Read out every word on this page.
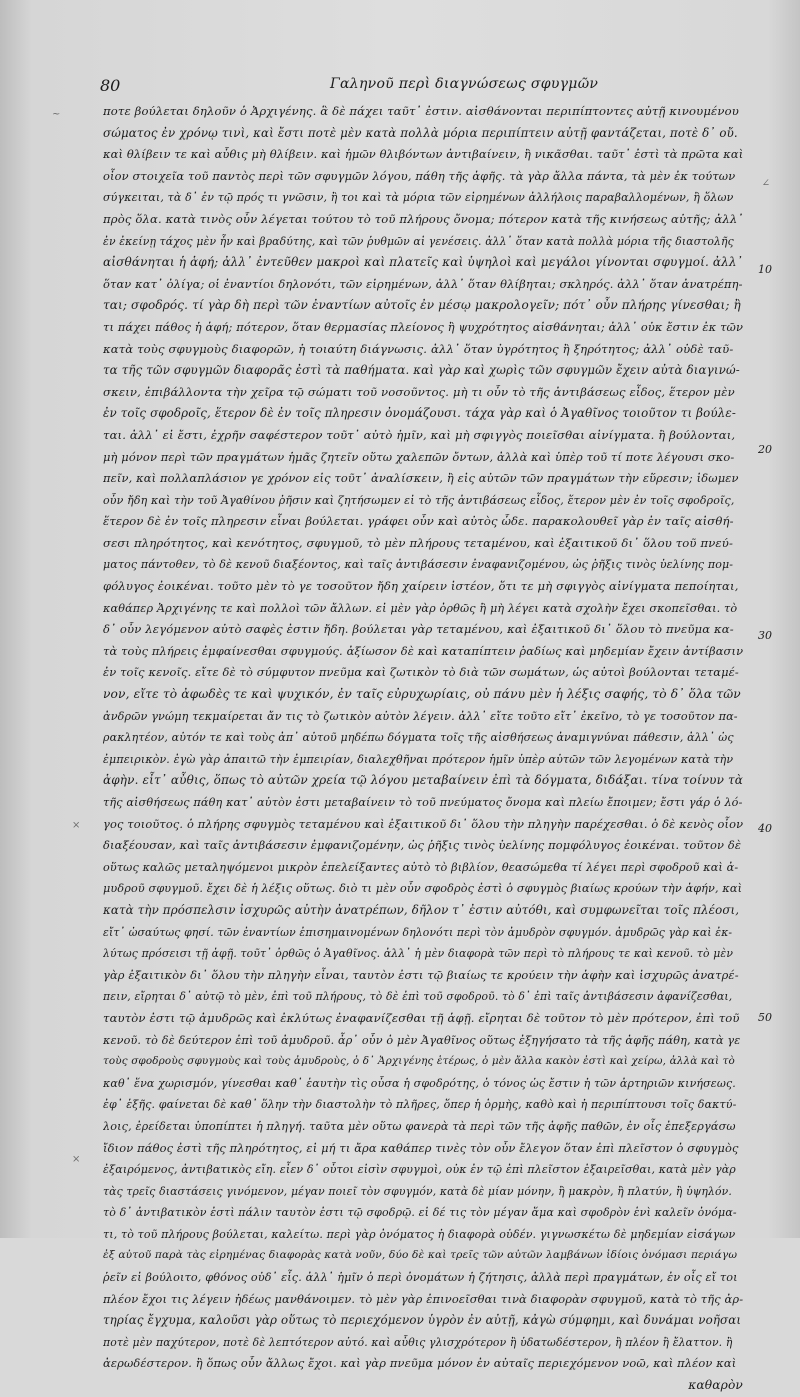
80	Γαληνοῦ περὶ διαγνώσεως σφυγμῶν
ποτε βούλεται δηλοῦν ὁ Ἀρχιγένης. ἃ δὲ πάχει ταῦτ᾽ ἐστιν. αἰσθάνονται περιπίπτοντες αὐτῇ κινουμένου
σώματος ἐν χρόνῳ τινὶ, καὶ ἔστι ποτὲ μὲν κατὰ πολλὰ μόρια περιπίπτειν αὐτῇ φαντάζεται, ποτὲ δ᾽ οὔ.
καὶ θλίβειν τε καὶ αὖθις μὴ θλίβειν. καὶ ἡμῶν θλιβόντων ἀντιβαίνειν, ἢ νικᾶσθαι. ταῦτ᾽ ἐστὶ τὰ πρῶτα καὶ
οἷον στοιχεῖα τοῦ παντὸς περὶ τῶν σφυγμῶν λόγου, πάθη τῆς ἁφῆς. τὰ γὰρ ἄλλα πάντα, τὰ μὲν ἐκ τούτων
σύγκειται, τὰ δ᾽ ἐν τῷ πρός τι γνῶσιν, ἢ τοι καὶ τὰ μόρια τῶν εἰρημένων ἀλλήλοις παραβαλλομένων, ἢ ὅλων
πρὸς ὅλα. κατὰ τινὸς οὖν λέγεται τούτου τὸ τοῦ πλήρους ὄνομα; πότερον κατὰ τῆς κινήσεως αὐτῆς; ἀλλ᾽
ἐν ἐκείνῃ τάχος μὲν ἦν καὶ βραδύτης, καὶ τῶν ῥυθμῶν αἱ γενέσεις. ἀλλ᾽ ὅταν κατὰ πολλὰ μόρια τῆς διαστολῆς
αἰσθάνηται ἡ ἁφή; ἀλλ᾽ ἐντεῦθεν μακροὶ καὶ πλατεῖς καὶ ὑψηλοὶ καὶ μεγάλοι γίνονται σφυγμοί. ἀλλ᾽
ὅταν κατ᾽ ὀλίγα; οἱ ἐναντίοι δηλονότι, τῶν εἰρημένων, ἀλλ᾽ ὅταν θλίβηται; σκληρός. ἀλλ᾽ ὅταν ἀνατρέπη-
ται; σφοδρός. τί γὰρ δὴ περὶ τῶν ἐναντίων αὐτοῖς ἐν μέσῳ μακρολογεῖν; πότ᾽ οὖν πλήρης γίνεσθαι; ἢ
τι πάχει πάθος ἡ ἁφή; πότερον, ὅταν θερμασίας πλείονος ἢ ψυχρότητος αἰσθάνηται; ἀλλ᾽ οὐκ ἔστιν ἐκ τῶν
κατὰ τοὺς σφυγμοὺς διαφορῶν, ἡ τοιαύτη διάγνωσις. ἀλλ᾽ ὅταν ὑγρότητος ἢ ξηρότητος; ἀλλ᾽ οὐδὲ ταῦ-
τα τῆς τῶν σφυγμῶν διαφορᾶς ἐστὶ τὰ παθήματα. καὶ γὰρ καὶ χωρὶς τῶν σφυγμῶν ἔχειν αὐτὰ διαγινώ-
σκειν, ἐπιβάλλοντα τὴν χεῖρα τῷ σώματι τοῦ νοσοῦντος. μὴ τι οὖν τὸ τῆς ἀντιβάσεως εἶδος, ἕτερον μὲν
ἐν τοῖς σφοδροῖς, ἕτερον δὲ ἐν τοῖς πληρεσιν ὀνομάζουσι. τάχα γὰρ καὶ ὁ Ἀγαθῖνος τοιοῦτον τι βούλε-
ται. ἀλλ᾽ εἰ ἔστι, ἐχρῆν σαφέστερον τοῦτ᾽ αὐτὸ ἡμῖν, καὶ μὴ σφιγγὸς ποιεῖσθαι αἰνίγματα. ἢ βούλονται,
μὴ μόνον περὶ τῶν πραγμάτων ἡμᾶς ζητεῖν οὕτω χαλεπῶν ὄντων, ἀλλὰ καὶ ὑπὲρ τοῦ τί ποτε λέγουσι σκο-
πεῖν, καὶ πολλαπλάσιον γε χρόνον εἰς τοῦτ᾽ ἀναλίσκειν, ἢ εἰς αὐτῶν τῶν πραγμάτων τὴν εὕρεσιν; ἰδωμεν
οὖν ἤδη καὶ τὴν τοῦ Ἀγαθίνου ῥῆσιν καὶ ζητήσωμεν εἰ τὸ τῆς ἀντιβάσεως εἶδος, ἕτερον μὲν ἐν τοῖς σφοδροῖς,
ἕτερον δὲ ἐν τοῖς πληρεσιν εἶναι βούλεται. γράφει οὖν καὶ αὐτὸς ὧδε. παρακολουθεῖ γὰρ ἐν ταῖς αἰσθή-
σεσι πληρότητος, καὶ κενότητος, σφυγμοῦ, τὸ μὲν πλήρους τεταμένου, καὶ ἐξαιτικοῦ δι᾽ ὅλου τοῦ πνεύ-
ματος πάντοθεν, τὸ δὲ κενοῦ διαξέοντος, καὶ ταῖς ἀντιβάσεσιν ἐναφανιζομένου, ὡς ῥῆξις τινὸς ὑελίνης πομ-
φόλυγος ἐοικέναι. τοῦτο μὲν τὸ γε τοσοῦτον ἤδη χαίρειν ἰστέον, ὅτι τε μὴ σφιγγὸς αἰνίγματα πεποίηται,
καθάπερ Ἀρχιγένης τε καὶ πολλοὶ τῶν ἄλλων. εἰ μὲν γὰρ ὀρθῶς ἢ μὴ λέγει κατὰ σχολὴν ἔχει σκοπεῖσθαι. τὸ
δ᾽ οὖν λεγόμενον αὐτὸ σαφὲς ἐστιν ἤδη. βούλεται γὰρ τεταμένου, καὶ ἐξαιτικοῦ δι᾽ ὅλου τὸ πνεῦμα κα-
τὰ τοὺς πλήρεις ἐμφαίνεσθαι σφυγμούς. ἀξίωσον δὲ καὶ καταπίπτειν ῥαδίως καὶ μηδεμίαν ἔχειν ἀντίβασιν
ἐν τοῖς κενοῖς. εἴτε δὲ τὸ σύμφυτον πνεῦμα καὶ ζωτικὸν τὸ διὰ τῶν σωμάτων, ὡς αὐτοὶ βούλονται τεταμέ-
νον, εἴτε τὸ ἀφωδὲς τε καὶ ψυχικόν, ἐν ταῖς εὐρυχωρίαις, οὐ πάνυ μὲν ἡ λέξις σαφής, τὸ δ᾽ ὅλα τῶν
ἀνδρῶν γνώμη τεκμαίρεται ἄν τις τὸ ζωτικὸν αὐτὸν λέγειν. ἀλλ᾽ εἴτε τοῦτο εἴτ᾽ ἐκεῖνο, τὸ γε τοσοῦτον πα-
ρακλητέον, αὐτόν τε καὶ τοὺς ἀπ᾽ αὐτοῦ μηδέπω δόγματα τοῖς τῆς αἰσθήσεως ἀναμιγνύναι πάθεσιν, ἀλλ᾽ ὡς
ἐμπειρικὸν. ἐγὼ γὰρ ἀπαιτῶ τὴν ἐμπειρίαν, διαλεχθῆναι πρότερον ἡμῖν ὑπὲρ αὐτῶν τῶν λεγομένων κατὰ τὴν
ἁφὴν. εἶτ᾽ αὖθις, ὅπως τὸ αὐτῶν χρεία τῷ λόγου μεταβαίνειν ἐπὶ τὰ δόγματα, διδάξαι. τίνα τοίνυν τὰ
τῆς αἰσθήσεως πάθη κατ᾽ αὐτὸν ἐστι μεταβαίνειν τὸ τοῦ πνεύματος ὄνομα καὶ πλείω ἔποιμεν; ἔστι γάρ ὁ λό-
γος τοιοῦτος. ὁ πλήρης σφυγμὸς τεταμένου καὶ ἐξαιτικοῦ δι᾽ ὅλου τὴν πληγὴν παρέχεσθαι. ὁ δὲ κενὸς οἷον
διαξέουσαν, καὶ ταῖς ἀντιβάσεσιν ἐμφανιζομένην, ὡς ῥῆξις τινὸς ὑελίνης πομφόλυγος ἐοικέναι. τοῦτον δὲ
οὕτως καλῶς μεταληψόμενοι μικρὸν ἐπελείξαντες αὐτὸ τὸ βιβλίον, θεασώμεθα τί λέγει περὶ σφοδροῦ καὶ ἀ-
μυδροῦ σφυγμοῦ. ἔχει δὲ ἡ λέξις οὕτως. διὸ τι μὲν οὖν σφοδρὸς ἐστὶ ὁ σφυγμὸς βιαίως κρούων τὴν ἁφήν, καὶ
κατὰ τὴν πρόσπελσιν ἰσχυρῶς αὐτὴν ἀνατρέπων, δῆλον τ᾽ ἐστιν αὐτόθι, καὶ συμφωνεῖται τοῖς πλέοσι,
εἴτ᾽ ὡσαύτως φησί. τῶν ἐναντίων ἐπισημαινομένων δηλονότι περὶ τὸν ἀμυδρὸν σφυγμόν. ἀμυδρῶς γὰρ καὶ ἐκ-
λύτως πρόσεισι τῇ ἁφῇ. τοῦτ᾽ ὀρθῶς ὁ Ἀγαθῖνος. ἀλλ᾽ ἡ μὲν διαφορὰ τῶν περὶ τὸ πλήρους τε καὶ κενοῦ. τὸ μὲν
γὰρ ἐξαιτικὸν δι᾽ ὅλου τὴν πληγὴν εἶναι, ταυτὸν ἐστι τῷ βιαίως τε κρούειν τὴν ἁφὴν καὶ ἰσχυρῶς ἀνατρέ-
πειν, εἴρηται δ᾽ αὐτῷ τὸ μὲν, ἐπὶ τοῦ πλήρους, τὸ δὲ ἐπὶ τοῦ σφοδροῦ. τὸ δ᾽ ἐπὶ ταῖς ἀντιβάσεσιν ἀφανίζεσθαι,
ταυτὸν ἐστι τῷ ἀμυδρῶς καὶ ἐκλύτως ἐναφανίζεσθαι τῇ ἁφῇ. εἴρηται δὲ τοῦτον τὸ μὲν πρότερον, ἐπὶ τοῦ
κενοῦ. τὸ δὲ δεύτερον ἐπὶ τοῦ ἀμυδροῦ. ἆρ᾽ οὖν ὁ μὲν Ἀγαθῖνος οὕτως ἐξηγήσατο τὰ τῆς ἁφῆς πάθη, κατὰ γε
τοὺς σφοδροὺς σφυγμοὺς καὶ τοὺς ἀμυδροὺς, ὁ δ᾽ Ἀρχιγένης ἑτέρως, ὁ μὲν ἄλλα κακὸν ἐστὶ καὶ χείρω, ἀλλὰ καὶ τὸ
καθ᾽ ἕνα χωρισμόν, γίνεσθαι καθ᾽ ἑαυτὴν τὶς οὖσα ἡ σφοδρότης, ὁ τόνος ὡς ἔστιν ἡ τῶν ἀρτηριῶν κινήσεως.
ἐφ᾽ ἑξῆς. φαίνεται δὲ καθ᾽ ὅλην τὴν διαστολὴν τὸ πλῆρες, ὅπερ ἡ ὁρμὴς, καθὸ καὶ ἡ περιπίπτουσι τοῖς δακτύ-
λοις, ἐρείδεται ὑποπίπτει ἡ πληγή. ταῦτα μὲν οὕτω φανερὰ τὰ περὶ τῶν τῆς ἁφῆς παθῶν, ἐν οἷς ἐπεξεργάσω
ἴδιον πάθος ἐστὶ τῆς πληρότητος, εἰ μή τι ἄρα καθάπερ τινὲς τὸν οὖν ἔλεγον ὅταν ἐπὶ πλεῖστον ὁ σφυγμὸς
ἐξαιρόμενος, ἀντιβατικὸς εἴη. εἶεν δ᾽ οὗτοι εἰσὶν σφυγμοὶ, οὐκ ἐν τῷ ἐπὶ πλεῖστον ἐξαιρεῖσθαι, κατὰ μὲν γὰρ
τὰς τρεῖς διαστάσεις γινόμενον, μέγαν ποιεῖ τὸν σφυγμόν, κατὰ δὲ μίαν μόνην, ἢ μακρὸν, ἢ πλατύν, ἢ ὑψηλόν.
τὸ δ᾽ ἀντιβατικὸν ἐστὶ πάλιν ταυτὸν ἐστι τῷ σφοδρῷ. εἰ δέ τις τὸν μέγαν ἅμα καὶ σφοδρὸν ἑνὶ καλεῖν ὀνόμα-
τι, τὸ τοῦ πλήρους βούλεται, καλείτω. περὶ γὰρ ὀνόματος ἡ διαφορὰ οὐδέν. γιγνωσκέτω δὲ μηδεμίαν εἰσάγων
ἐξ αὐτοῦ παρὰ τὰς εἰρημένας διαφορὰς κατὰ νοῦν, δύο δὲ καὶ τρεῖς τῶν αὐτῶν λαμβάνων ἰδίοις ὀνόμασι περιάγω
ῥεῖν εἰ βούλοιτο, φθόνος οὐδ᾽ εἷς. ἀλλ᾽ ἡμῖν ὁ περὶ ὀνομάτων ἡ ζήτησις, ἀλλὰ περὶ πραγμάτων, ἐν οἷς εἴ τοι
πλέον ἔχοι τις λέγειν ἡδέως μανθάνοιμεν. τὸ μὲν γὰρ ἐπινοεῖσθαι τινὰ διαφορὰν σφυγμοῦ, κατὰ τὸ τῆς ἀρ-
τηρίας ἔγχυμα, καλοῦσι γὰρ οὕτως τὸ περιεχόμενον ὑγρὸν ἐν αὐτῇ, κἀγὼ σύμφημι, καὶ δυνάμαι νοῆσαι
ποτὲ μὲν παχύτερον, ποτὲ δὲ λεπτότερον αὐτό. καὶ αὖθις γλισχρότερον ἢ ὑδατωδέστερον, ἢ πλέον ἢ ἔλαττον. ἢ
ἀερωδέστερον. ἢ ὅπως οὖν ἄλλως ἔχοι. καὶ γὰρ πνεῦμα μόνον ἐν αὐταῖς περιεχόμενον νοῶ, καὶ πλέον καὶ
καθαρὸν
10
20
30
40
50
~
∠
×
×
